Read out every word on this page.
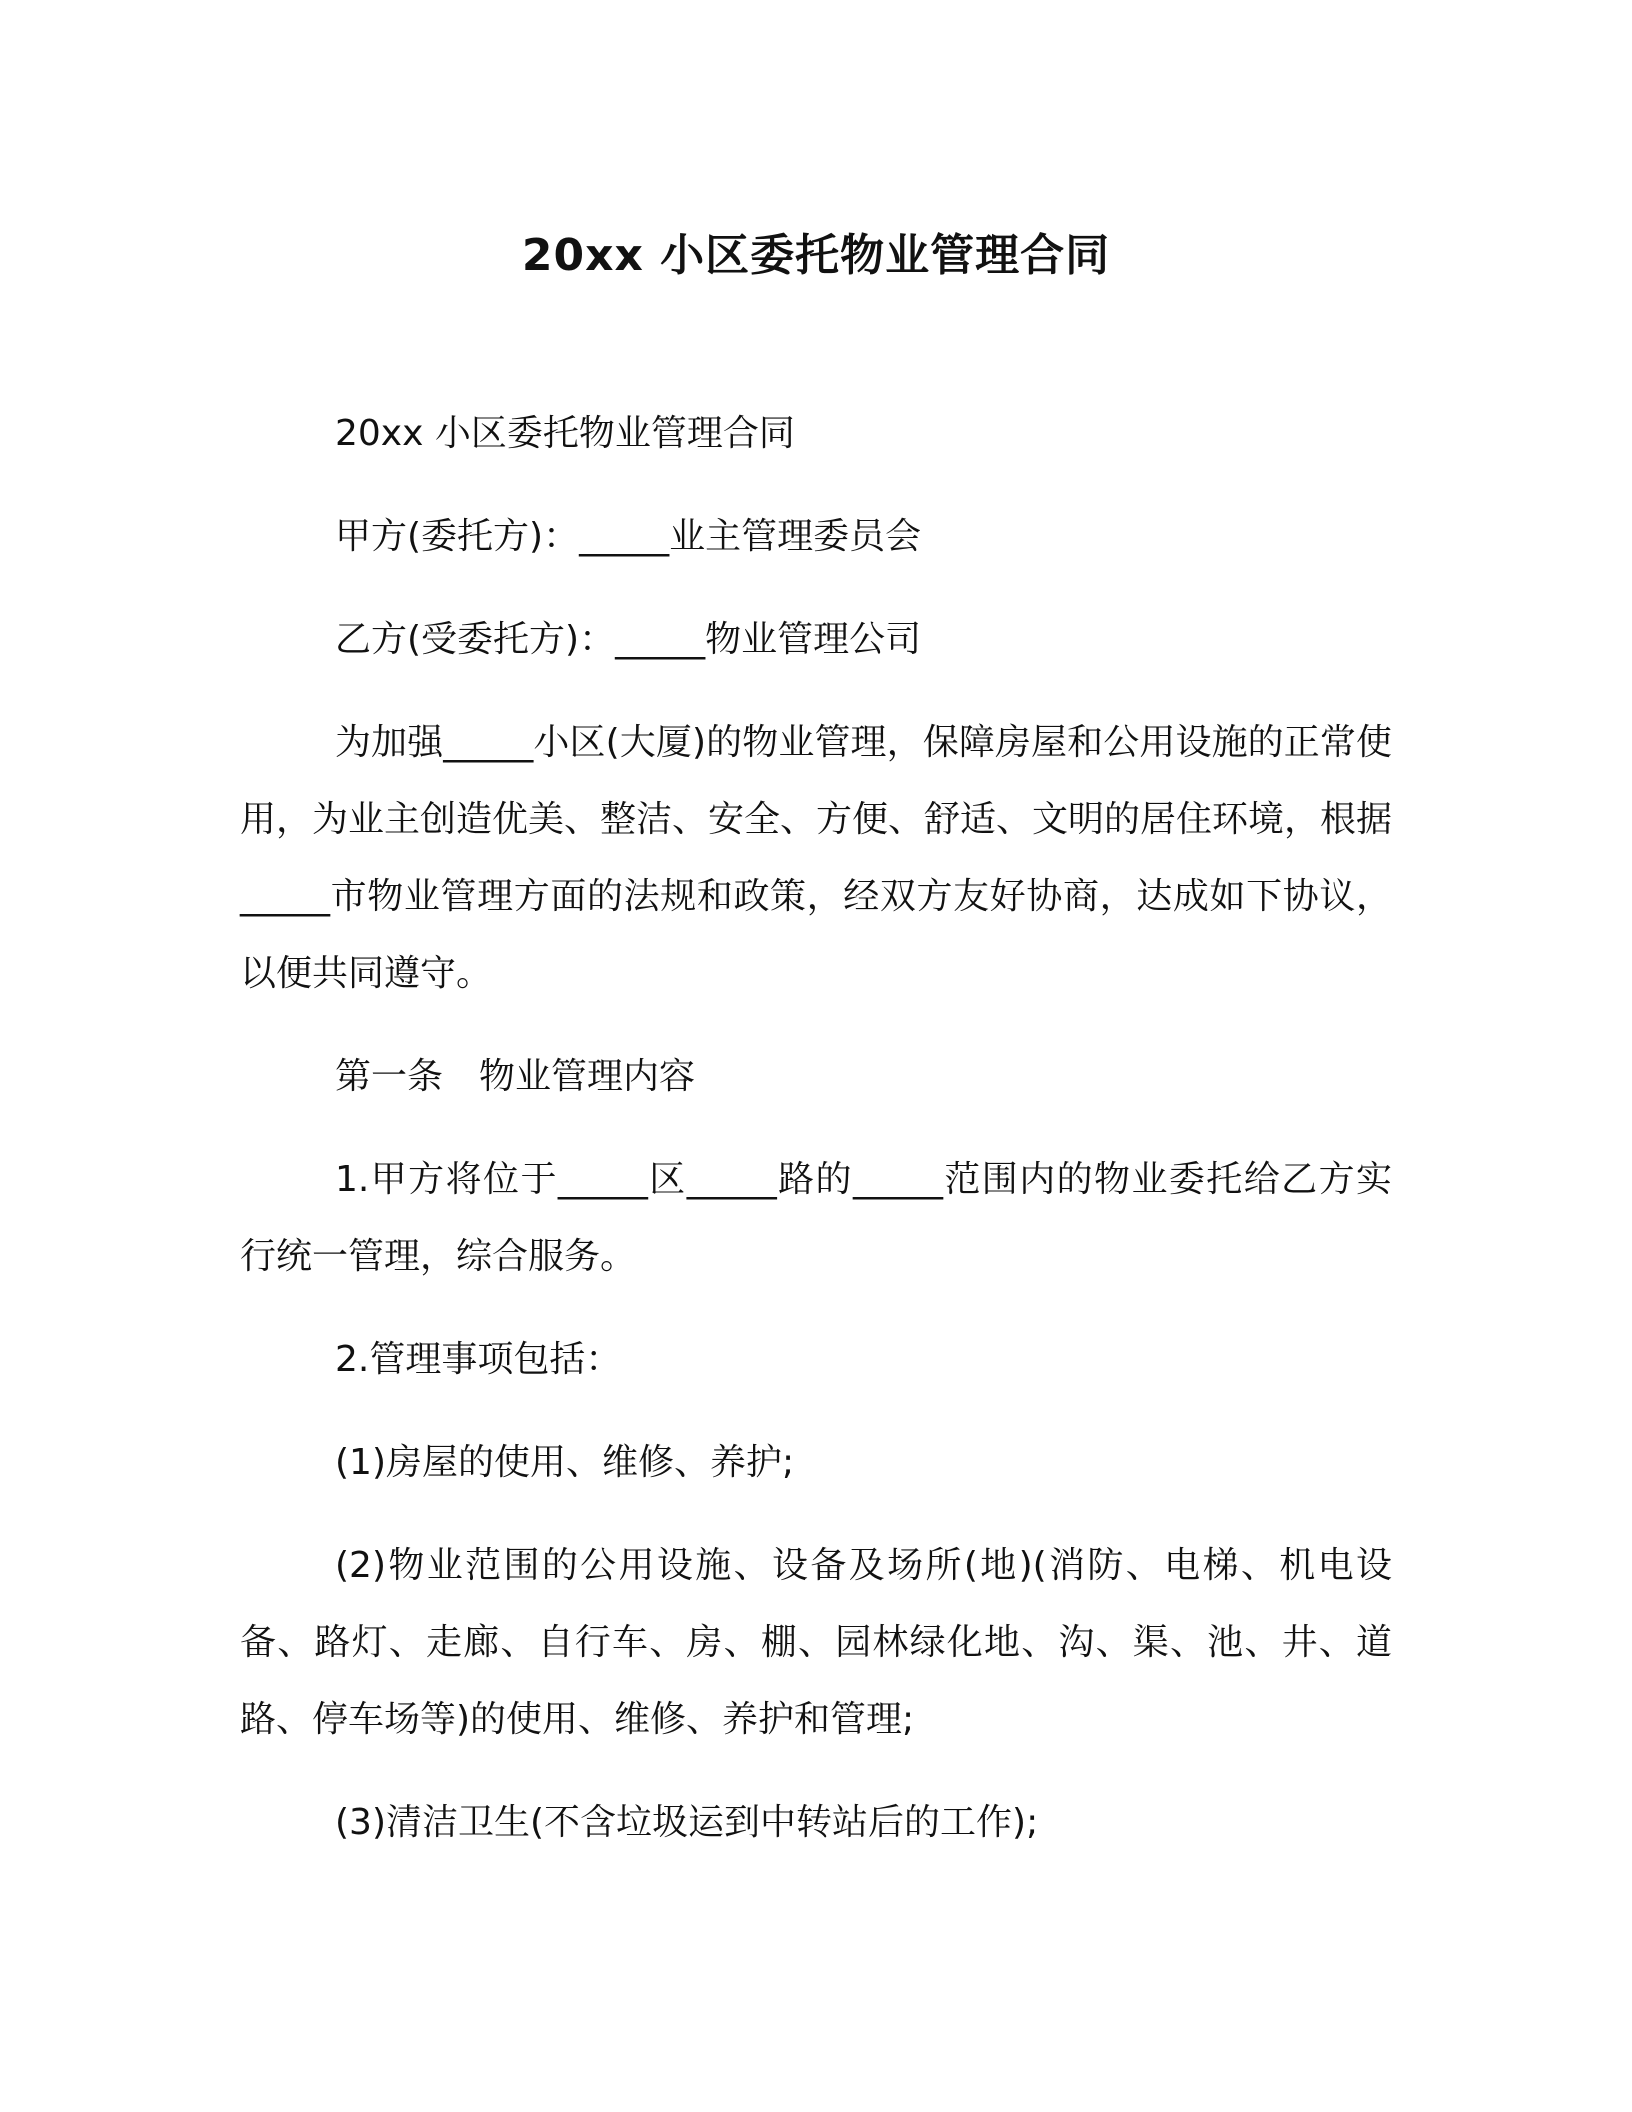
20xx 小区委托物业管理合同

20xx 小区委托物业管理合同

甲方(委托方)：_____业主管理委员会

乙方(受委托方)：_____物业管理公司

为加强_____小区(大厦)的物业管理，保障房屋和公用设施的正常使用，为业主创造优美、整洁、安全、方便、舒适、文明的居住环境，根据_____市物业管理方面的法规和政策，经双方友好协商，达成如下协议，以便共同遵守。

第一条　物业管理内容

1.甲方将位于_____区_____路的_____范围内的物业委托给乙方实行统一管理，综合服务。

2.管理事项包括：

(1)房屋的使用、维修、养护;

(2)物业范围的公用设施、设备及场所(地)(消防、电梯、机电设备、路灯、走廊、自行车、房、棚、园林绿化地、沟、渠、池、井、道路、停车场等)的使用、维修、养护和管理;

(3)清洁卫生(不含垃圾运到中转站后的工作);
